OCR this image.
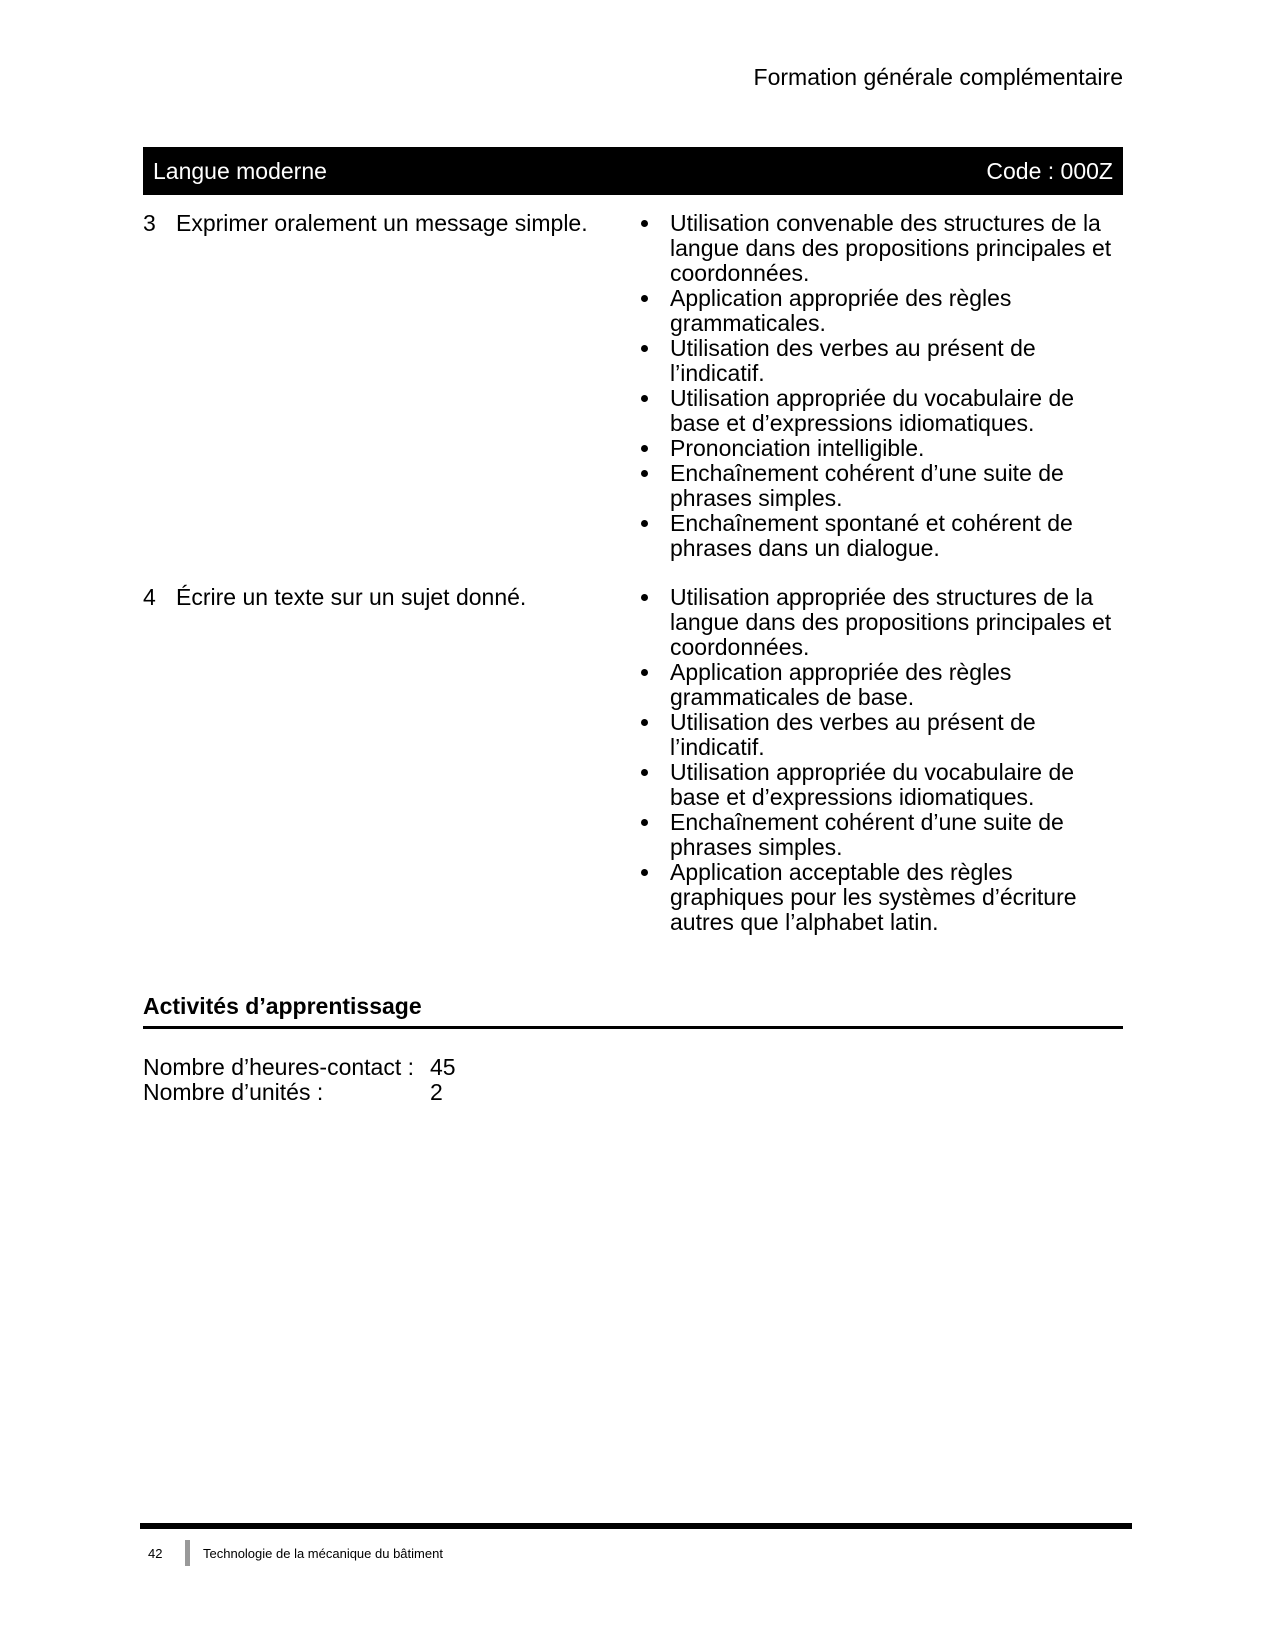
Formation générale complémentaire
Langue moderne	Code : 000Z
3 Exprimer oralement un message simple.	• Utilisation convenable des structures de la langue dans des propositions principales et coordonnées.
• Application appropriée des règles grammaticales.
• Utilisation des verbes au présent de l’indicatif.
• Utilisation appropriée du vocabulaire de base et d’expressions idiomatiques.
• Prononciation intelligible.
• Enchaînement cohérent d’une suite de phrases simples.
• Enchaînement spontané et cohérent de phrases dans un dialogue.
4 Écrire un texte sur un sujet donné.	• Utilisation appropriée des structures de la langue dans des propositions principales et coordonnées.
• Application appropriée des règles grammaticales de base.
• Utilisation des verbes au présent de l’indicatif.
• Utilisation appropriée du vocabulaire de base et d’expressions idiomatiques.
• Enchaînement cohérent d’une suite de phrases simples.
• Application acceptable des règles graphiques pour les systèmes d’écriture autres que l’alphabet latin.
Activités d’apprentissage
Nombre d’heures-contact : 45
Nombre d’unités :	2
42	Technologie de la mécanique du bâtiment
